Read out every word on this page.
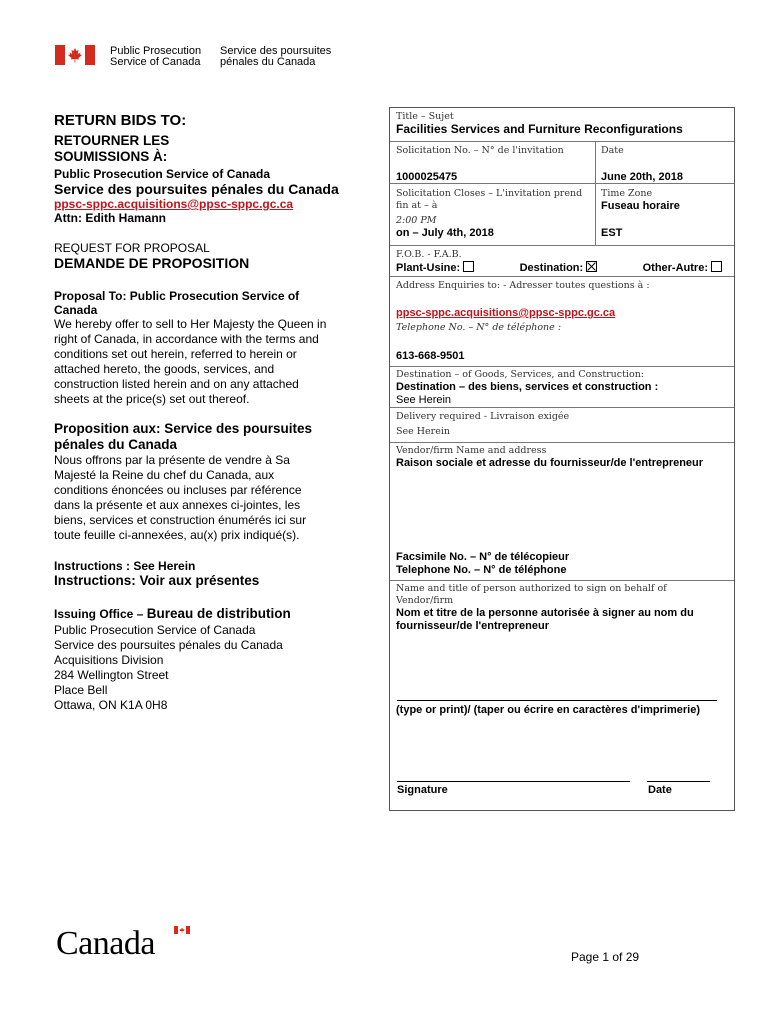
Public Prosecution
Service of Canada
Service des poursuites
pénales du Canada
RETURN BIDS TO:
RETOURNER LES
SOUMISSIONS À:
Public Prosecution Service of Canada
Service des poursuites pénales du Canada
ppsc-sppc.acquisitions@ppsc-sppc.gc.ca
Attn: Edith Hamann
REQUEST FOR PROPOSAL
DEMANDE DE PROPOSITION
Proposal To: Public Prosecution Service of
Canada
We hereby offer to sell to Her Majesty the Queen in
right of Canada, in accordance with the terms and
conditions set out herein, referred to herein or
attached hereto, the goods, services, and
construction listed herein and on any attached
sheets at the price(s) set out thereof.
Proposition aux: Service des poursuites
pénales du Canada
Nous offrons par la présente de vendre à Sa
Majesté la Reine du chef du Canada, aux
conditions énoncées ou incluses par référence
dans la présente et aux annexes ci-jointes, les
biens, services et construction énumérés ici sur
toute feuille ci-annexées, au(x) prix indiqué(s).
Instructions : See Herein
Instructions: Voir aux présentes
Issuing Office – Bureau de distribution
Public Prosecution Service of Canada
Service des poursuites pénales du Canada
Acquisitions Division
284 Wellington Street
Place Bell
Ottawa, ON K1A 0H8
Title – Sujet
Facilities Services and Furniture Reconfigurations
Solicitation No. – N° de l'invitation
1000025475
Date
June 20th, 2018
Solicitation Closes – L'invitation prend
fin at – à
2:00 PM
on – July 4th, 2018
Time Zone
Fuseau horaire
EST
F.O.B. - F.A.B.
Plant-Usine:	Destination:	Other-Autre:
Address Enquiries to: - Adresser toutes questions à :
ppsc-sppc.acquisitions@ppsc-sppc.gc.ca
Telephone No. – N° de téléphone :
613-668-9501
Destination – of Goods, Services, and Construction:
Destination – des biens, services et construction :
See Herein
Delivery required - Livraison exigée
See Herein
Vendor/firm Name and address
Raison sociale et adresse du fournisseur/de l'entrepreneur
Facsimile No. – N° de télécopieur
Telephone No. – N° de téléphone
Name and title of person authorized to sign on behalf of
Vendor/firm
Nom et titre de la personne autorisée à signer au nom du
fournisseur/de l'entrepreneur
(type or print)/ (taper ou écrire en caractères d'imprimerie)
Signature	Date
Canada	Page 1 of 29
